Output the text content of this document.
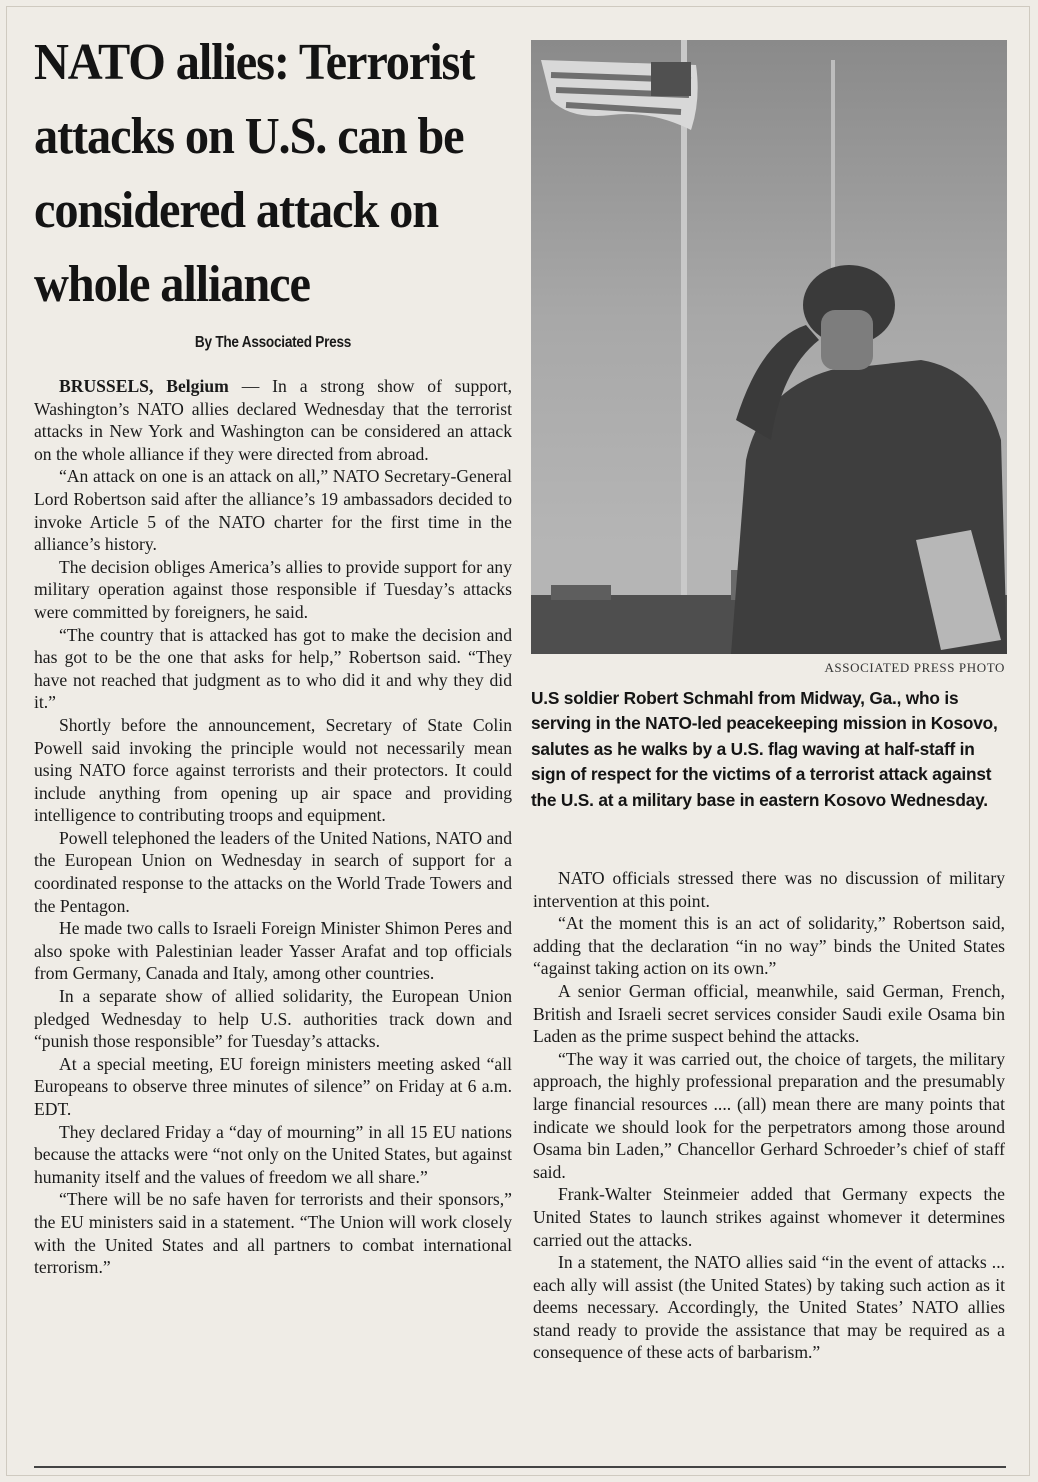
NATO allies: Terrorist attacks on U.S. can be considered attack on whole alliance
By The Associated Press

BRUSSELS, Belgium — In a strong show of support, Washington’s NATO allies declared Wednesday that the terrorist attacks in New York and Washington can be considered an attack on the whole alliance if they were directed from abroad.

“An attack on one is an attack on all,” NATO Secretary-General Lord Robertson said after the alliance’s 19 ambassadors decided to invoke Article 5 of the NATO charter for the first time in the alliance’s history.

The decision obliges America’s allies to provide support for any military operation against those responsible if Tuesday’s attacks were committed by foreigners, he said.

“The country that is attacked has got to make the decision and has got to be the one that asks for help,” Robertson said. “They have not reached that judgment as to who did it and why they did it.”

Shortly before the announcement, Secretary of State Colin Powell said invoking the principle would not necessarily mean using NATO force against terrorists and their protectors. It could include anything from opening up air space and providing intelligence to contributing troops and equipment.

Powell telephoned the leaders of the United Nations, NATO and the European Union on Wednesday in search of support for a coordinated response to the attacks on the World Trade Towers and the Pentagon.

He made two calls to Israeli Foreign Minister Shimon Peres and also spoke with Palestinian leader Yasser Arafat and top officials from Germany, Canada and Italy, among other countries.

In a separate show of allied solidarity, the European Union pledged Wednesday to help U.S. authorities track down and “punish those responsible” for Tuesday’s attacks.

At a special meeting, EU foreign ministers meeting asked “all Europeans to observe three minutes of silence” on Friday at 6 a.m. EDT.

They declared Friday a “day of mourning” in all 15 EU nations because the attacks were “not only on the United States, but against humanity itself and the values of freedom we all share.”

“There will be no safe haven for terrorists and their sponsors,” the EU ministers said in a statement. “The Union will work closely with the United States and all partners to combat international terrorism.”

ASSOCIATED PRESS PHOTO
U.S soldier Robert Schmahl from Midway, Ga., who is serving in the NATO-led peacekeeping mission in Kosovo, salutes as he walks by a U.S. flag waving at half-staff in sign of respect for the victims of a terrorist attack against the U.S. at a military base in eastern Kosovo Wednesday.

NATO officials stressed there was no discussion of military intervention at this point.

“At the moment this is an act of solidarity,” Robertson said, adding that the declaration “in no way” binds the United States “against taking action on its own.”

A senior German official, meanwhile, said German, French, British and Israeli secret services consider Saudi exile Osama bin Laden as the prime suspect behind the attacks.

“The way it was carried out, the choice of targets, the military approach, the highly professional preparation and the presumably large financial resources .... (all) mean there are many points that indicate we should look for the perpetrators among those around Osama bin Laden,” Chancellor Gerhard Schroeder’s chief of staff said.

Frank-Walter Steinmeier added that Germany expects the United States to launch strikes against whomever it determines carried out the attacks.

In a statement, the NATO allies said “in the event of attacks ... each ally will assist (the United States) by taking such action as it deems necessary. Accordingly, the United States’ NATO allies stand ready to provide the assistance that may be required as a consequence of these acts of barbarism.”
